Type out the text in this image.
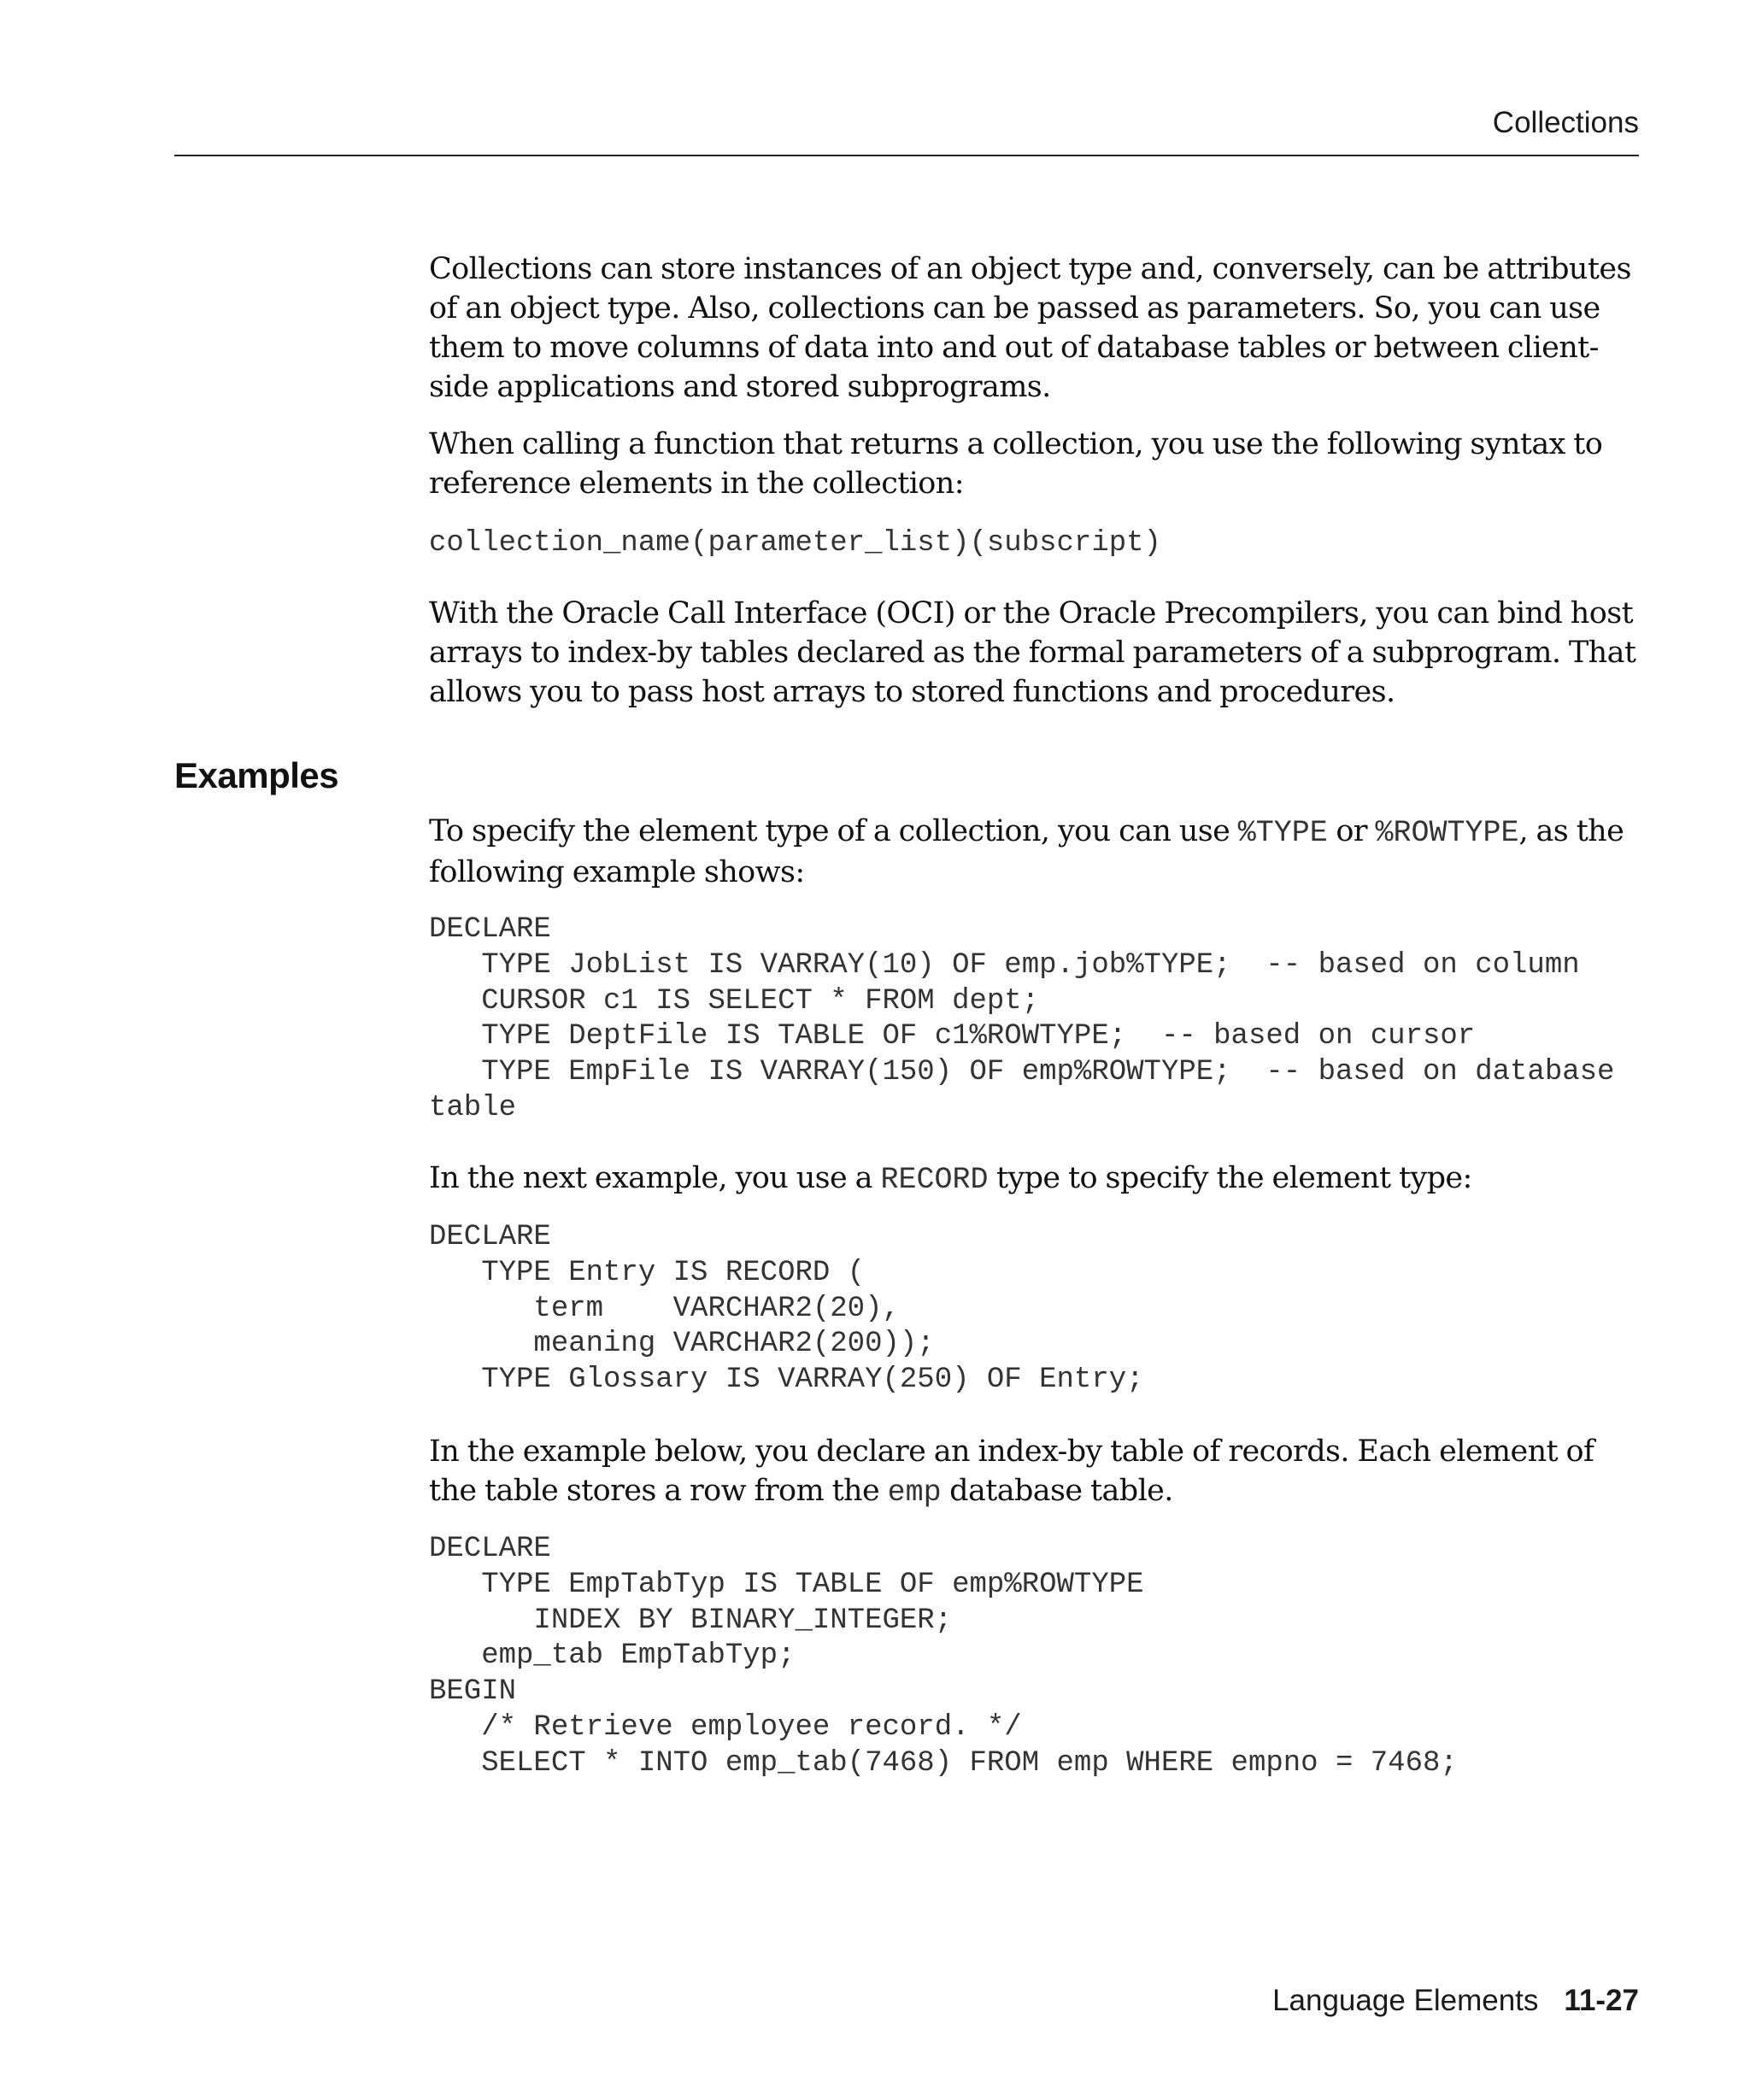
Collections

Collections can store instances of an object type and, conversely, can be attributes of an object type. Also, collections can be passed as parameters. So, you can use them to move columns of data into and out of database tables or between client-side applications and stored subprograms.

When calling a function that returns a collection, you use the following syntax to reference elements in the collection:

collection_name(parameter_list)(subscript)

With the Oracle Call Interface (OCI) or the Oracle Precompilers, you can bind host arrays to index-by tables declared as the formal parameters of a subprogram. That allows you to pass host arrays to stored functions and procedures.

Examples

To specify the element type of a collection, you can use %TYPE or %ROWTYPE, as the following example shows:

DECLARE
TYPE JobList IS VARRAY(10) OF emp.job%TYPE;  -- based on column
CURSOR c1 IS SELECT * FROM dept;
TYPE DeptFile IS TABLE OF c1%ROWTYPE;  -- based on cursor
TYPE EmpFile IS VARRAY(150) OF emp%ROWTYPE;  -- based on database
table

In the next example, you use a RECORD type to specify the element type:

DECLARE
TYPE Entry IS RECORD (
term    VARCHAR2(20),
meaning VARCHAR2(200));
TYPE Glossary IS VARRAY(250) OF Entry;

In the example below, you declare an index-by table of records. Each element of the table stores a row from the emp database table.

DECLARE
TYPE EmpTabTyp IS TABLE OF emp%ROWTYPE
INDEX BY BINARY_INTEGER;
emp_tab EmpTabTyp;
BEGIN
/* Retrieve employee record. */
SELECT * INTO emp_tab(7468) FROM emp WHERE empno = 7468;
Language Elements 11-27
